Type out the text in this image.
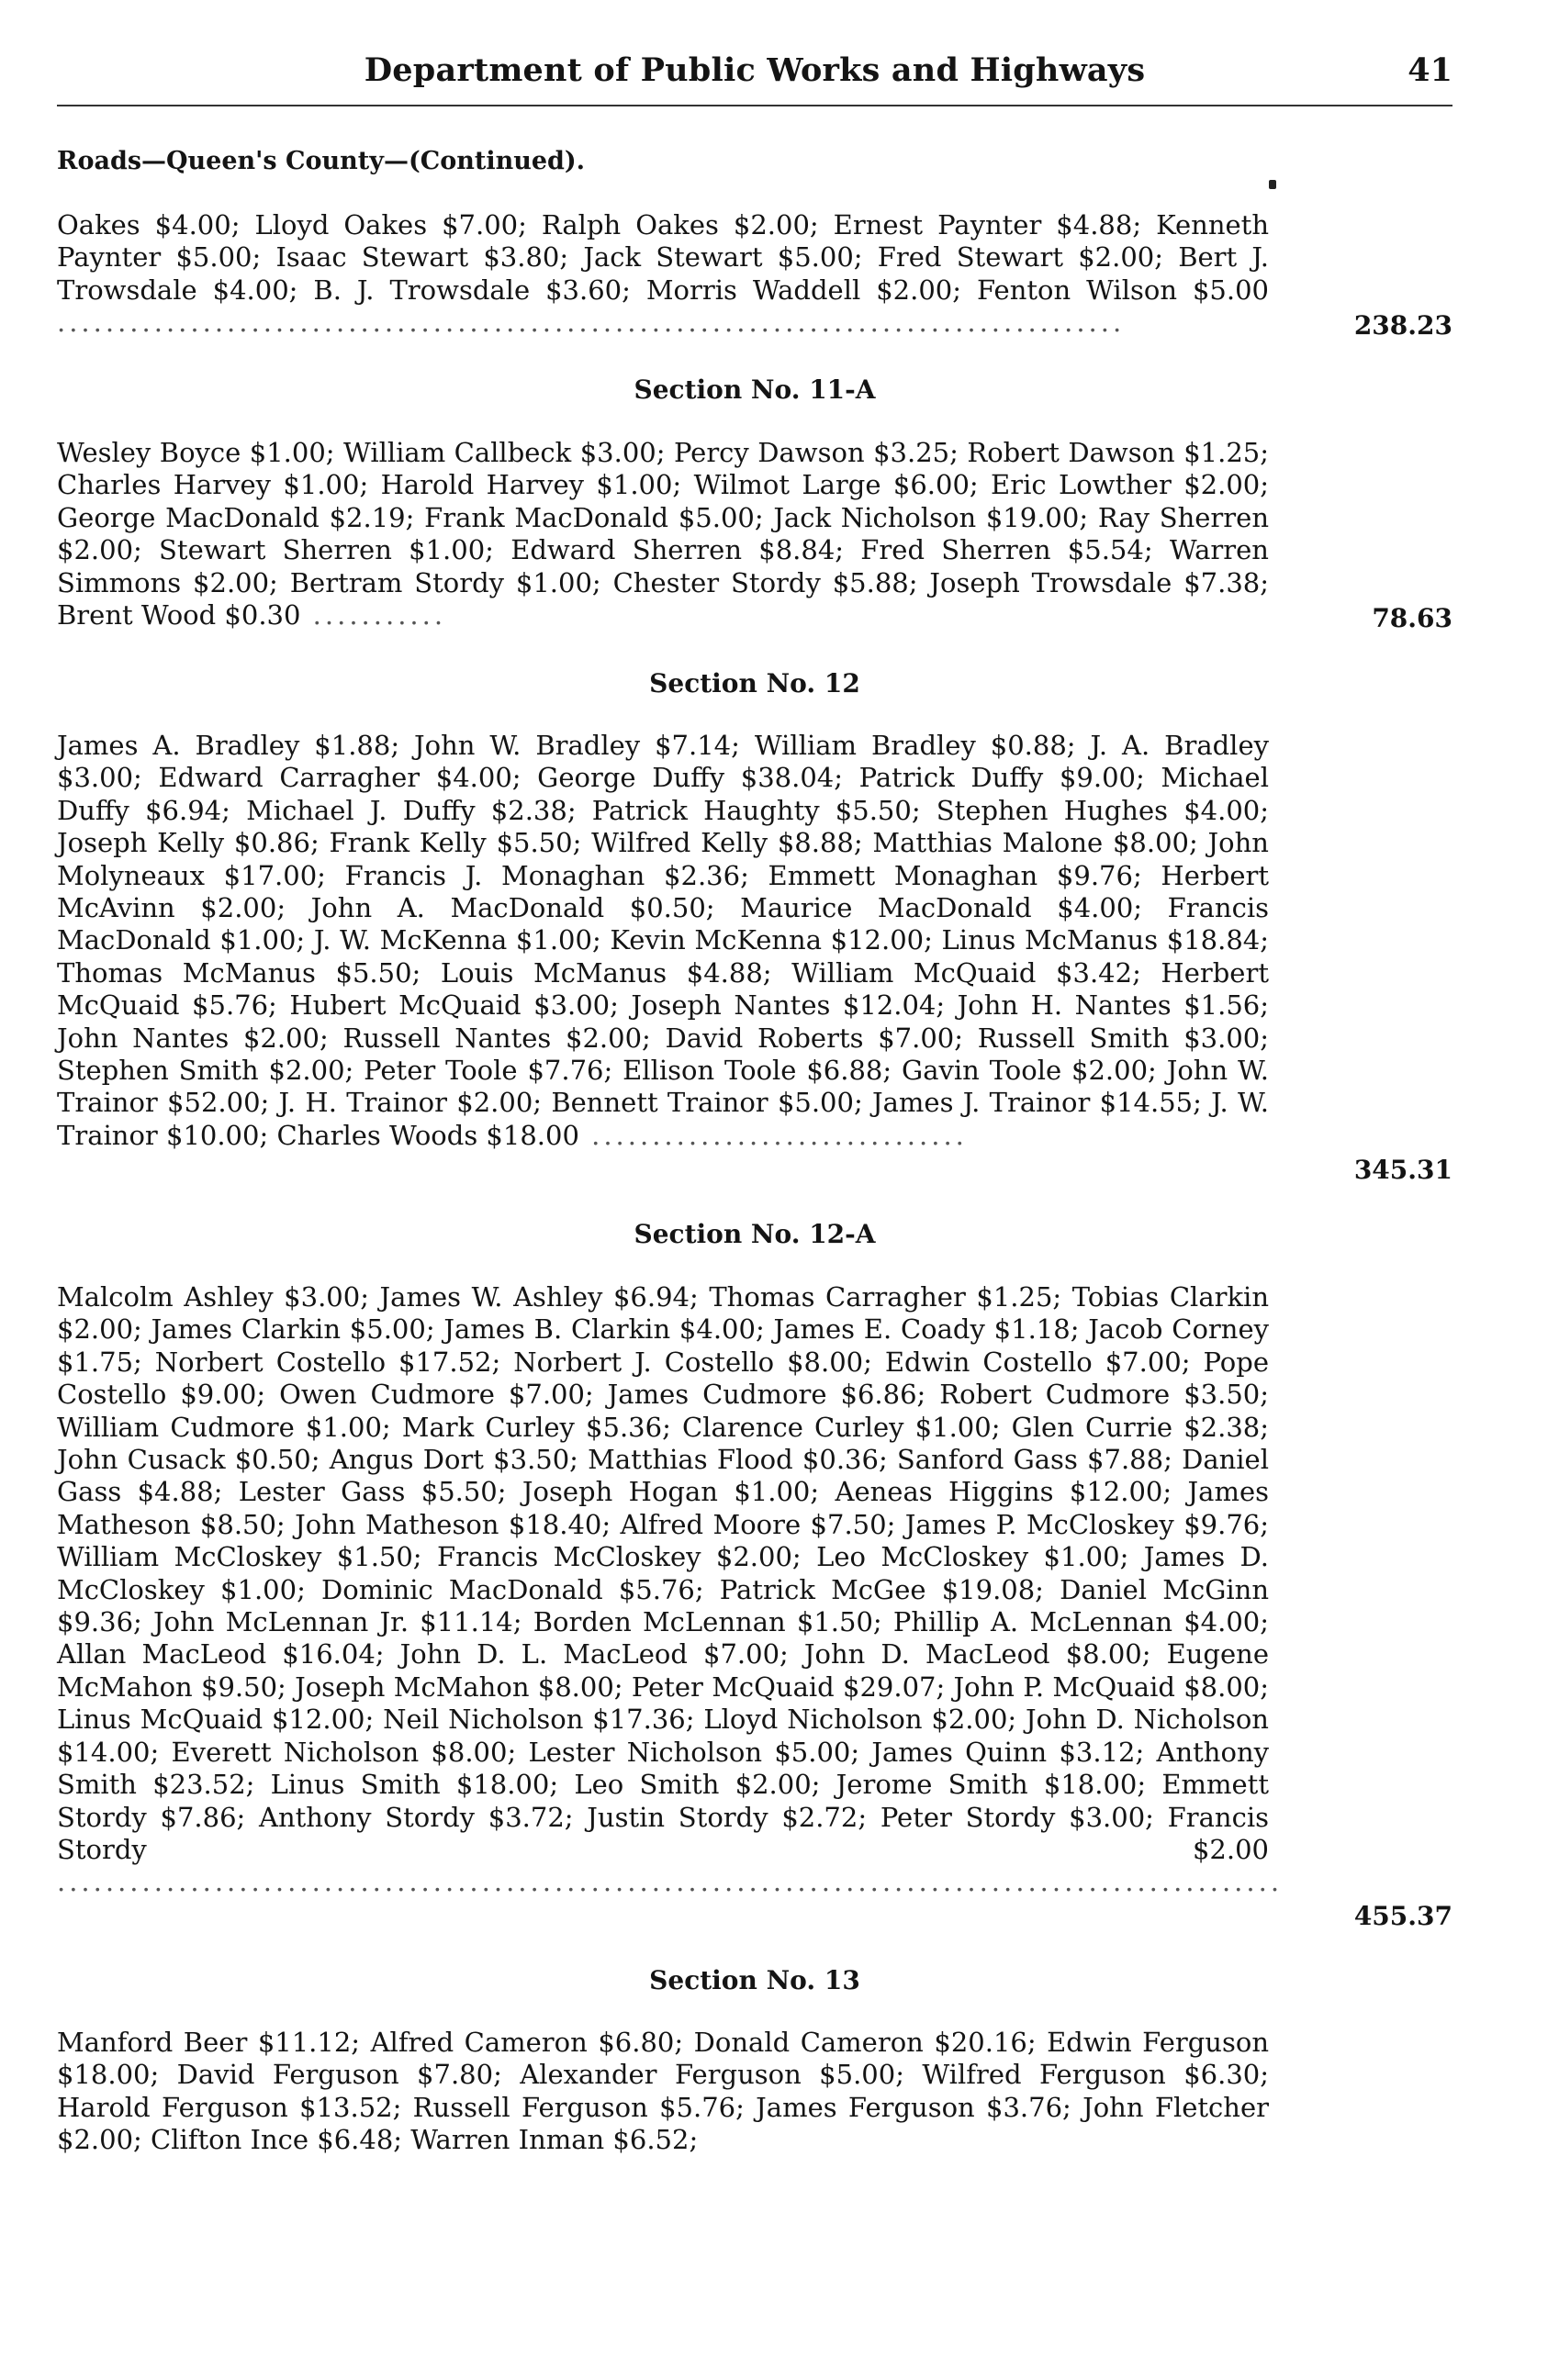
Department of Public Works and Highways	41
Roads—Queen's County—(Continued).

Oakes $4.00; Lloyd Oakes $7.00; Ralph Oakes $2.00; Ernest Paynter $4.88; Kenneth Paynter $5.00; Isaac Stewart $3.80; Jack Stewart $5.00; Fred Stewart $2.00; Bert J. Trowsdale $4.00; B. J. Trowsdale $3.60; Morris Waddell $2.00; Fenton Wilson $5.00 ........................................................................................	238.23
Section No. 11-A

Wesley Boyce $1.00; William Callbeck $3.00; Percy Dawson $3.25; Robert Dawson $1.25; Charles Harvey $1.00; Harold Harvey $1.00; Wilmot Large $6.00; Eric Lowther $2.00; George MacDonald $2.19; Frank MacDonald $5.00; Jack Nicholson $19.00; Ray Sherren $2.00; Stewart Sherren $1.00; Edward Sherren $8.84; Fred Sherren $5.54; Warren Simmons $2.00; Bertram Stordy $1.00; Chester Stordy $5.88; Joseph Trowsdale $7.38; Brent Wood $0.30 ...........	78.63
Section No. 12

James A. Bradley $1.88; John W. Bradley $7.14; William Bradley $0.88; J. A. Bradley $3.00; Edward Carragher $4.00; George Duffy $38.04; Patrick Duffy $9.00; Michael Duffy $6.94; Michael J. Duffy $2.38; Patrick Haughty $5.50; Stephen Hughes $4.00; Joseph Kelly $0.86; Frank Kelly $5.50; Wilfred Kelly $8.88; Matthias Malone $8.00; John Molyneaux $17.00; Francis J. Monaghan $2.36; Emmett Monaghan $9.76; Herbert McAvinn $2.00; John A. MacDonald $0.50; Maurice MacDonald $4.00; Francis MacDonald $1.00; J. W. McKenna $1.00; Kevin McKenna $12.00; Linus McManus $18.84; Thomas McManus $5.50; Louis McManus $4.88; William McQuaid $3.42; Herbert McQuaid $5.76; Hubert McQuaid $3.00; Joseph Nantes $12.04; John H. Nantes $1.56; John Nantes $2.00; Russell Nantes $2.00; David Roberts $7.00; Russell Smith $3.00; Stephen Smith $2.00; Peter Toole $7.76; Ellison Toole $6.88; Gavin Toole $2.00; John W. Trainor $52.00; J. H. Trainor $2.00; Bennett Trainor $5.00; James J. Trainor $14.55; J. W. Trainor $10.00; Charles Woods $18.00 ...............................

345.31
Section No. 12-A

Malcolm Ashley $3.00; James W. Ashley $6.94; Thomas Carragher $1.25; Tobias Clarkin $2.00; James Clarkin $5.00; James B. Clarkin $4.00; James E. Coady $1.18; Jacob Corney $1.75; Norbert Costello $17.52; Norbert J. Costello $8.00; Edwin Costello $7.00; Pope Costello $9.00; Owen Cudmore $7.00; James Cudmore $6.86; Robert Cudmore $3.50; William Cudmore $1.00; Mark Curley $5.36; Clarence Curley $1.00; Glen Currie $2.38; John Cusack $0.50; Angus Dort $3.50; Matthias Flood $0.36; Sanford Gass $7.88; Daniel Gass $4.88; Lester Gass $5.50; Joseph Hogan $1.00; Aeneas Higgins $12.00; James Matheson $8.50; John Matheson $18.40; Alfred Moore $7.50; James P. McCloskey $9.76; William McCloskey $1.50; Francis McCloskey $2.00; Leo McCloskey $1.00; James D. McCloskey $1.00; Dominic MacDonald $5.76; Patrick McGee $19.08; Daniel McGinn $9.36; John McLennan Jr. $11.14; Borden McLennan $1.50; Phillip A. McLennan $4.00; Allan MacLeod $16.04; John D. L. MacLeod $7.00; John D. MacLeod $8.00; Eugene McMahon $9.50; Joseph McMahon $8.00; Peter McQuaid $29.07; John P. McQuaid $8.00; Linus McQuaid $12.00; Neil Nicholson $17.36; Lloyd Nicholson $2.00; John D. Nicholson $14.00; Everett Nicholson $8.00; Lester Nicholson $5.00; James Quinn $3.12; Anthony Smith $23.52; Linus Smith $18.00; Leo Smith $2.00; Jerome Smith $18.00; Emmett Stordy $7.86; Anthony Stordy $3.72; Justin Stordy $2.72; Peter Stordy $3.00; Francis Stordy $2.00 .....................................................................................................

455.37
Section No. 13

Manford Beer $11.12; Alfred Cameron $6.80; Donald Cameron $20.16; Edwin Ferguson $18.00; David Ferguson $7.80; Alexander Ferguson $5.00; Wilfred Ferguson $6.30; Harold Ferguson $13.52; Russell Ferguson $5.76; James Ferguson $3.76; John Fletcher $2.00; Clifton Ince $6.48; Warren Inman $6.52;
